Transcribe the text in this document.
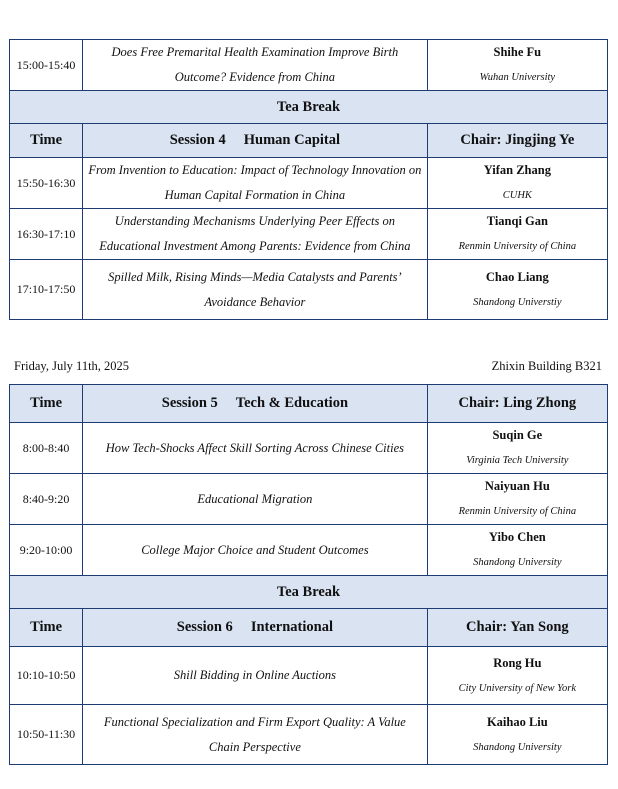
15:00-15:40	Does Free Premarital Health Examination Improve Birth Outcome? Evidence from China	Shihe Fu
Wuhan University

Tea Break		
Time	Session 4 Human Capital	Chair: Jingjing Ye
15:50-16:30	From Invention to Education: Impact of Technology Innovation on Human Capital Formation in China	Yifan Zhang
CUHK

16:30-17:10	Understanding Mechanisms Underlying Peer Effects on Educational Investment Among Parents: Evidence from China	Tianqi Gan
Renmin University of China

17:10-17:50	Spilled Milk, Rising Minds—Media Catalysts and Parents’ Avoidance Behavior	Chao Liang
Shandong Universtiy
Friday, July 11th, 2025	Zhixin Building B321
Time	Session 5 Tech & Education	Chair: Ling Zhong
8:00-8:40	How Tech-Shocks Affect Skill Sorting Across Chinese Cities	Suqin Ge
Virginia Tech University

8:40-9:20	Educational Migration	Naiyuan Hu
Renmin University of China

9:20-10:00	College Major Choice and Student Outcomes	Yibo Chen
Shandong University

Tea Break		
Time	Session 6 International	Chair: Yan Song
10:10-10:50	Shill Bidding in Online Auctions	Rong Hu
City University of New York

10:50-11:30	Functional Specialization and Firm Export Quality: A Value Chain Perspective	Kaihao Liu
Shandong University
